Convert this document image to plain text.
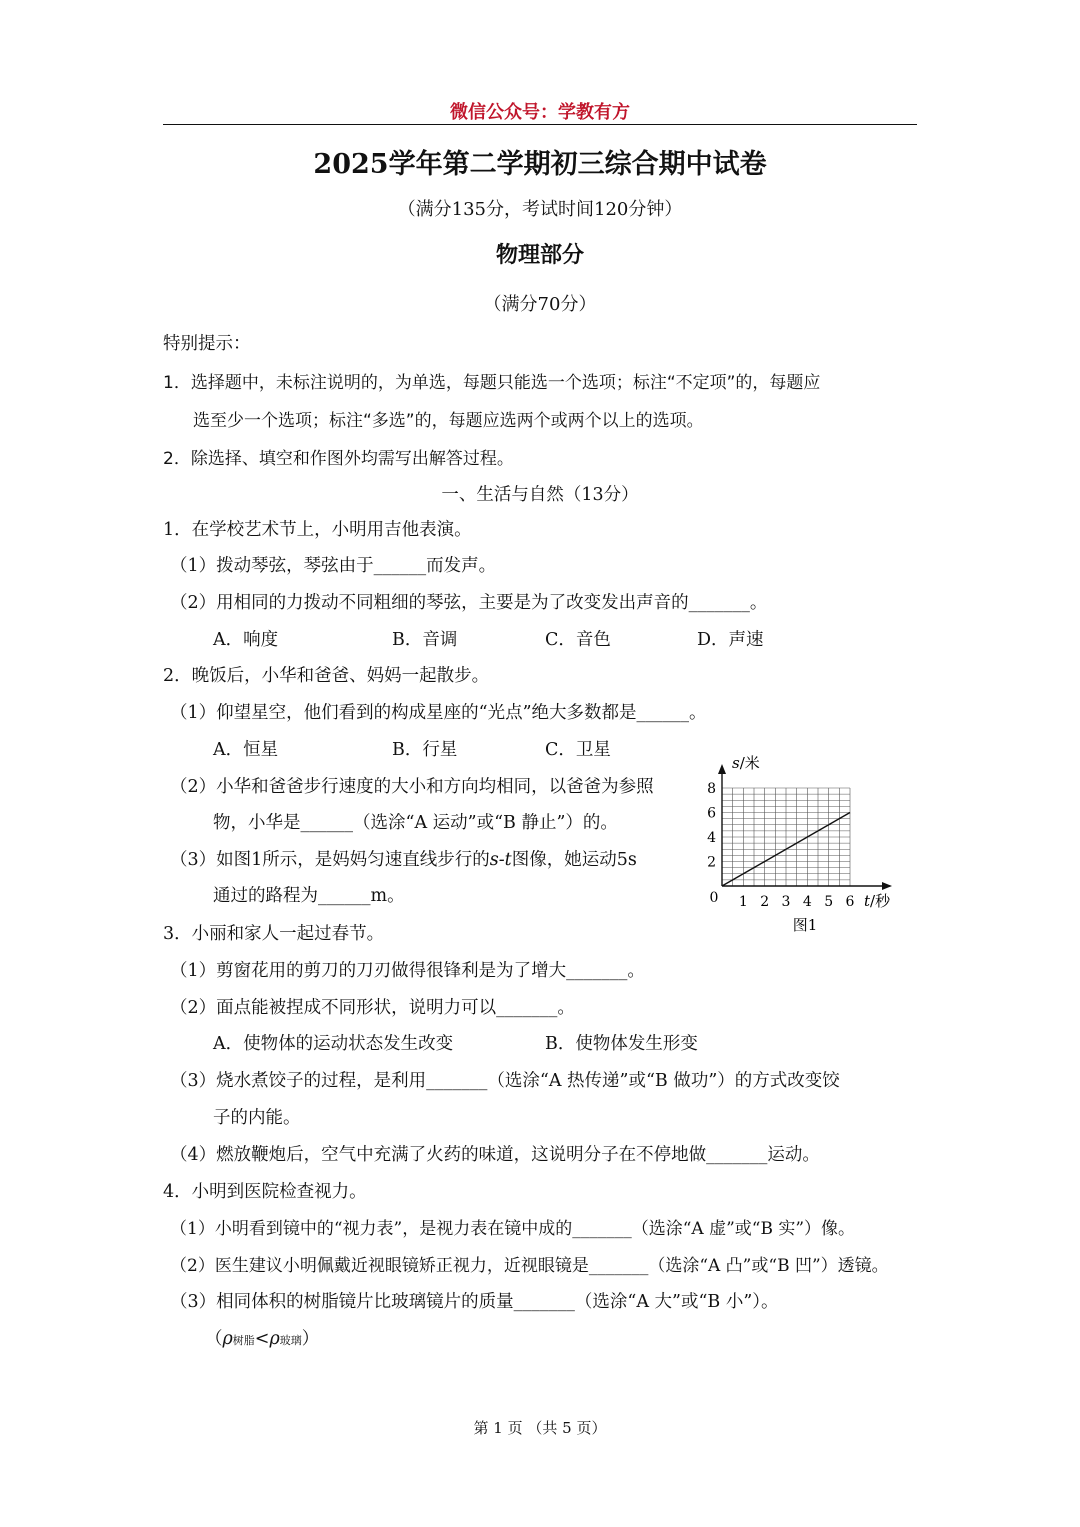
微信公众号：学教有方
2025学年第二学期初三综合期中试卷
（满分135分，考试时间120分钟）
物理部分
（满分70分）
特别提示：
1．选择题中，未标注说明的，为单选，每题只能选一个选项；标注“不定项”的，每题应
选至少一个选项；标注“多选”的，每题应选两个或两个以上的选项。
2．除选择、填空和作图外均需写出解答过程。
一、生活与自然（13分）
1．在学校艺术节上，小明用吉他表演。
（1）拨动琴弦，琴弦由于______而发声。
（2）用相同的力拨动不同粗细的琴弦，主要是为了改变发出声音的_______。
A．响度	B．音调	C．音色	D．声速
2．晚饭后，小华和爸爸、妈妈一起散步。
（1）仰望星空，他们看到的构成星座的“光点”绝大多数都是______。
A．恒星	B．行星	C．卫星
（2）小华和爸爸步行速度的大小和方向均相同，以爸爸为参照
物，小华是______（选涂“A 运动”或“B 静止”）的。
（3）如图1所示，是妈妈匀速直线步行的s-t图像，她运动5s
通过的路程为______m。	1 2 3 4 5 6
2
4
6
8
s/米
t/秒
0
图1
3．小丽和家人一起过春节。
（1）剪窗花用的剪刀的刀刃做得很锋利是为了增大_______。
（2）面点能被捏成不同形状，说明力可以_______。
A．使物体的运动状态发生改变	B．使物体发生形变
（3）烧水煮饺子的过程，是利用_______（选涂“A 热传递”或“B 做功”）的方式改变饺
子的内能。
（4）燃放鞭炮后，空气中充满了火药的味道，这说明分子在不停地做_______运动。
4．小明到医院检查视力。
（1）小明看到镜中的“视力表”，是视力表在镜中成的_______（选涂“A 虚”或“B 实”）像。
（2）医生建议小明佩戴近视眼镜矫正视力，近视眼镜是_______（选涂“A 凸”或“B 凹”）透镜。
（3）相同体积的树脂镜片比玻璃镜片的质量_______（选涂“A 大”或“B 小”）。
（ρ树脂<ρ玻璃）
第 1 页 （共 5 页）
